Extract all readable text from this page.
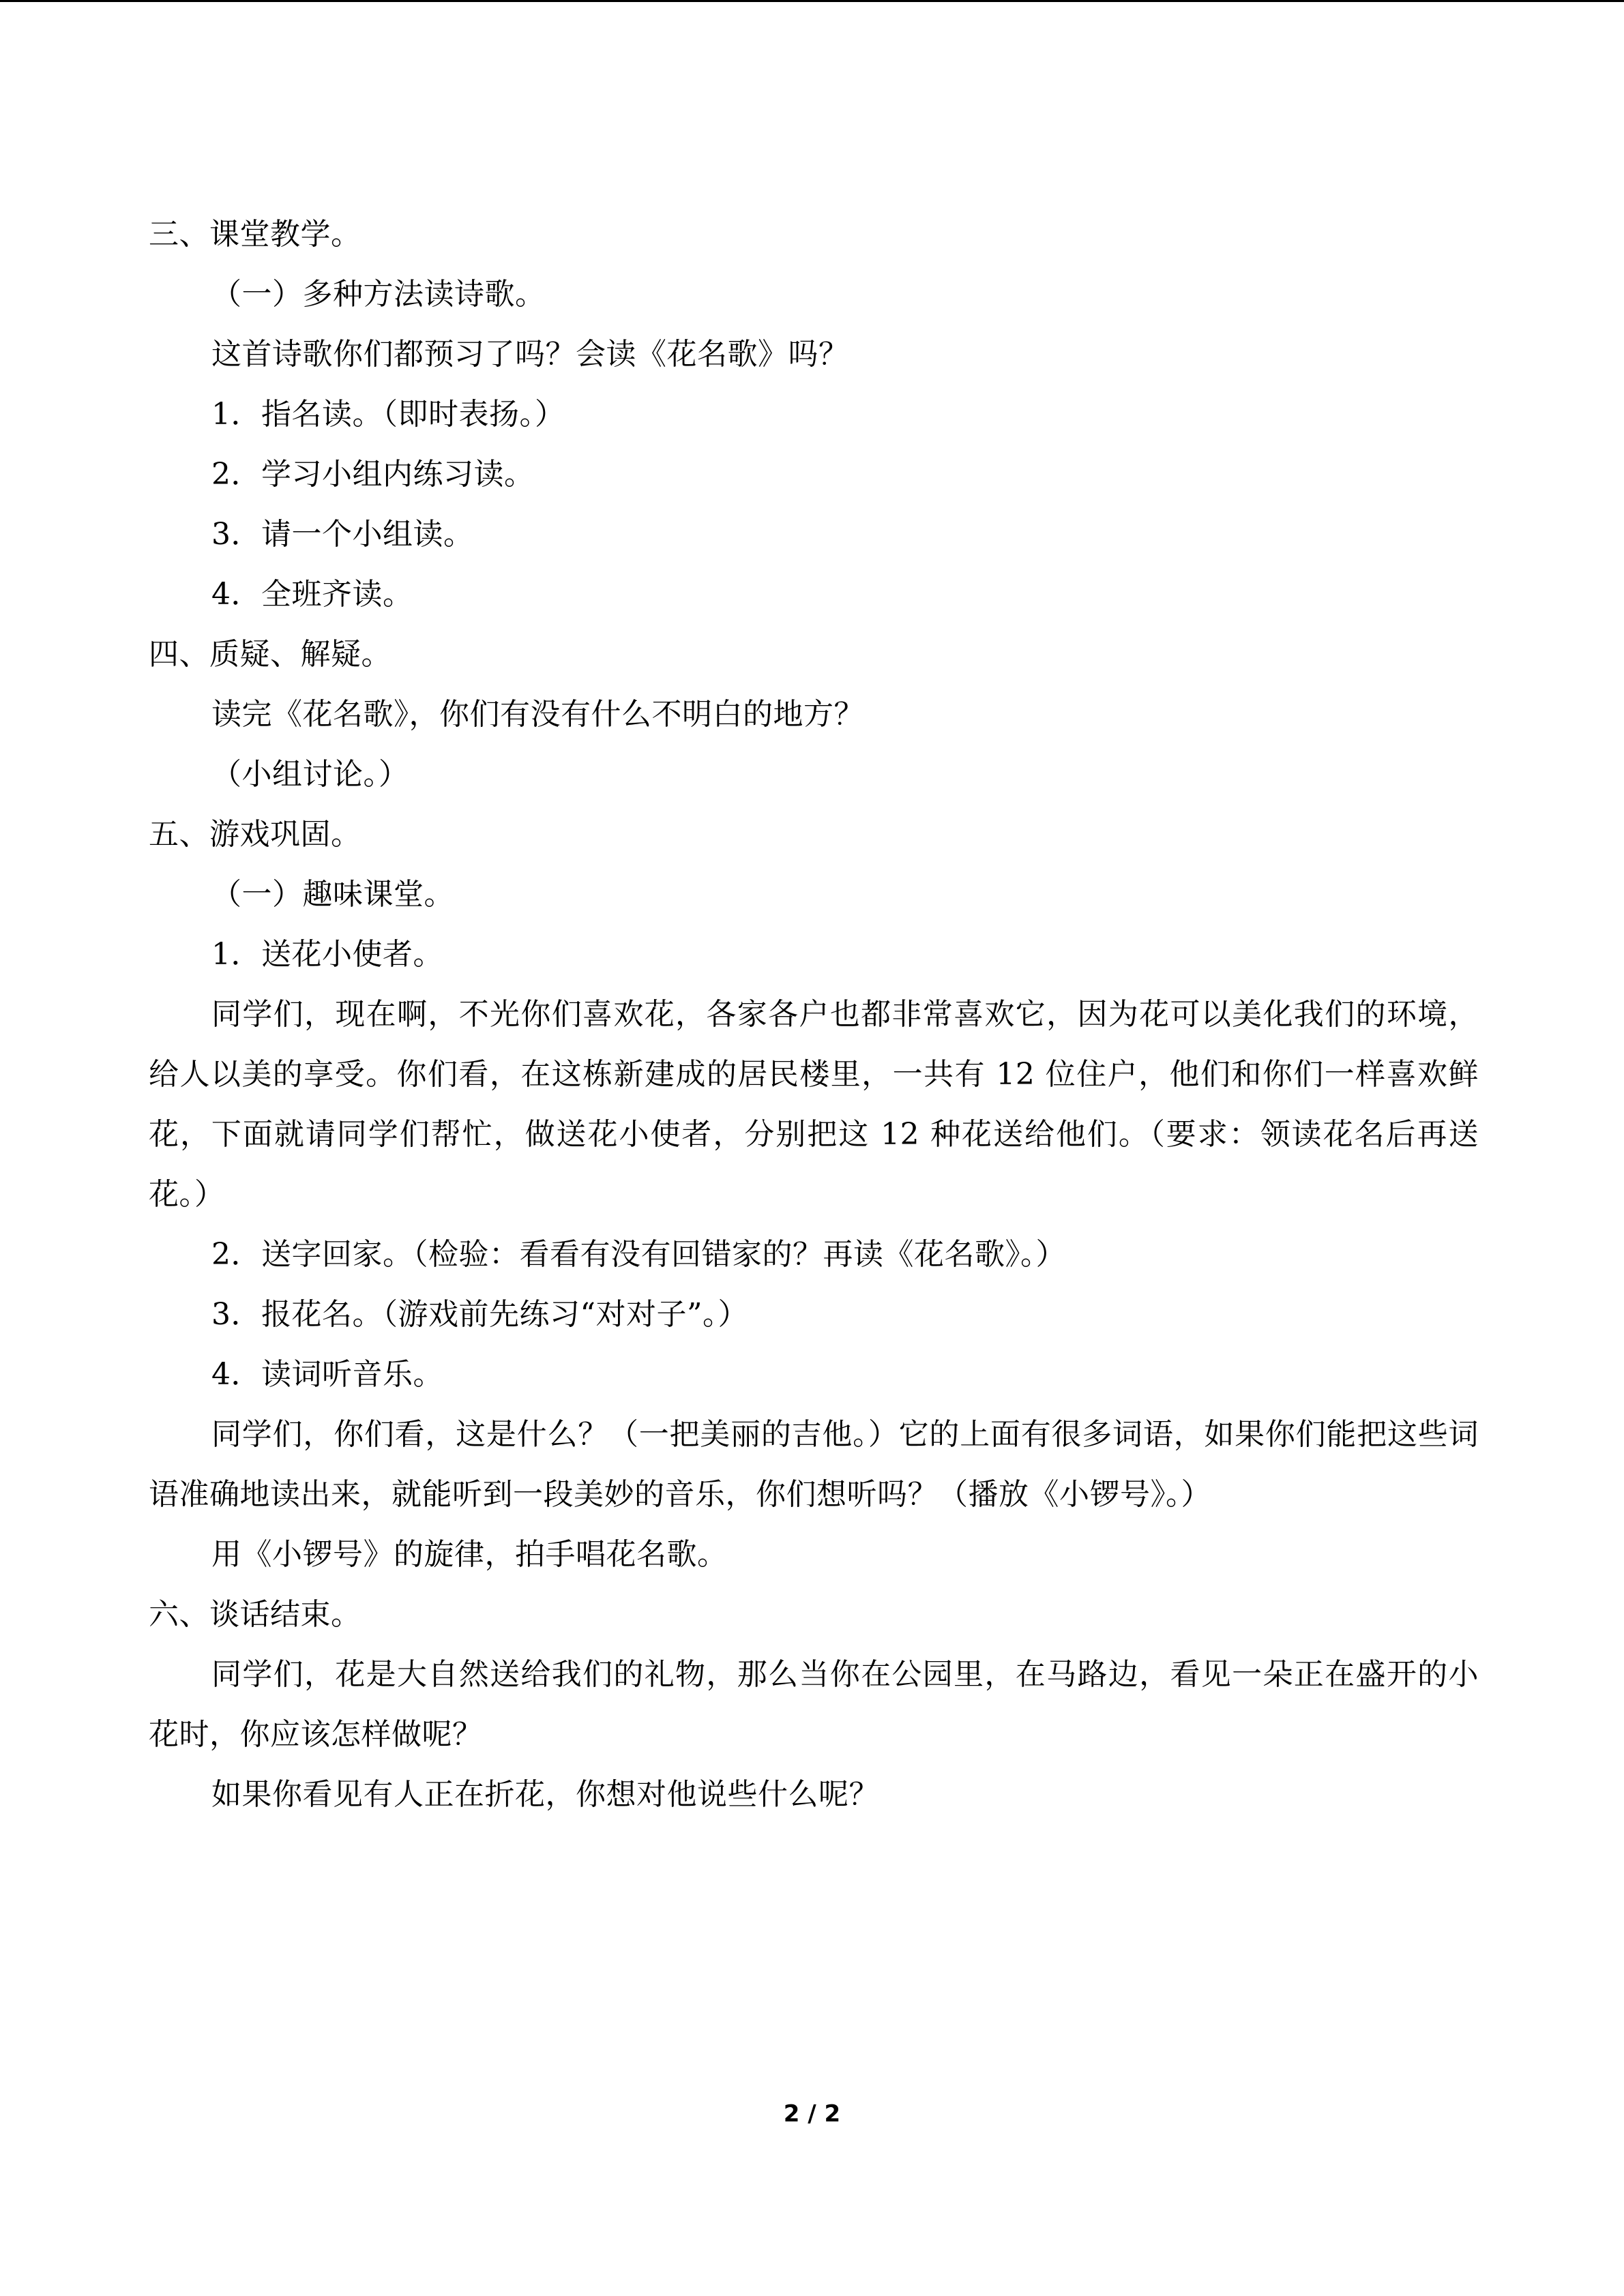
三、课堂教学。
（一）多种方法读诗歌。
这首诗歌你们都预习了吗？会读《花名歌》吗？
1．指名读。（即时表扬。）
2．学习小组内练习读。
3．请一个小组读。
4．全班齐读。
四、质疑、解疑。
读完《花名歌》，你们有没有什么不明白的地方？
（小组讨论。）
五、游戏巩固。
（一）趣味课堂。
1．送花小使者。
同学们，现在啊，不光你们喜欢花，各家各户也都非常喜欢它，因为花可以美化我们的环境，给人以美的享受。你们看，在这栋新建成的居民楼里，一共有 12 位住户，他们和你们一样喜欢鲜花，下面就请同学们帮忙，做送花小使者，分别把这 12 种花送给他们。（要求：领读花名后再送花。）
2．送字回家。（检验：看看有没有回错家的？再读《花名歌》。）
3．报花名。（游戏前先练习“对对子”。）
4．读词听音乐。
同学们，你们看，这是什么？（一把美丽的吉他。）它的上面有很多词语，如果你们能把这些词语准确地读出来，就能听到一段美妙的音乐，你们想听吗？（播放《小锣号》。）
用《小锣号》的旋律，拍手唱花名歌。
六、谈话结束。
同学们，花是大自然送给我们的礼物，那么当你在公园里，在马路边，看见一朵正在盛开的小花时，你应该怎样做呢？
如果你看见有人正在折花，你想对他说些什么呢？
2 / 2
